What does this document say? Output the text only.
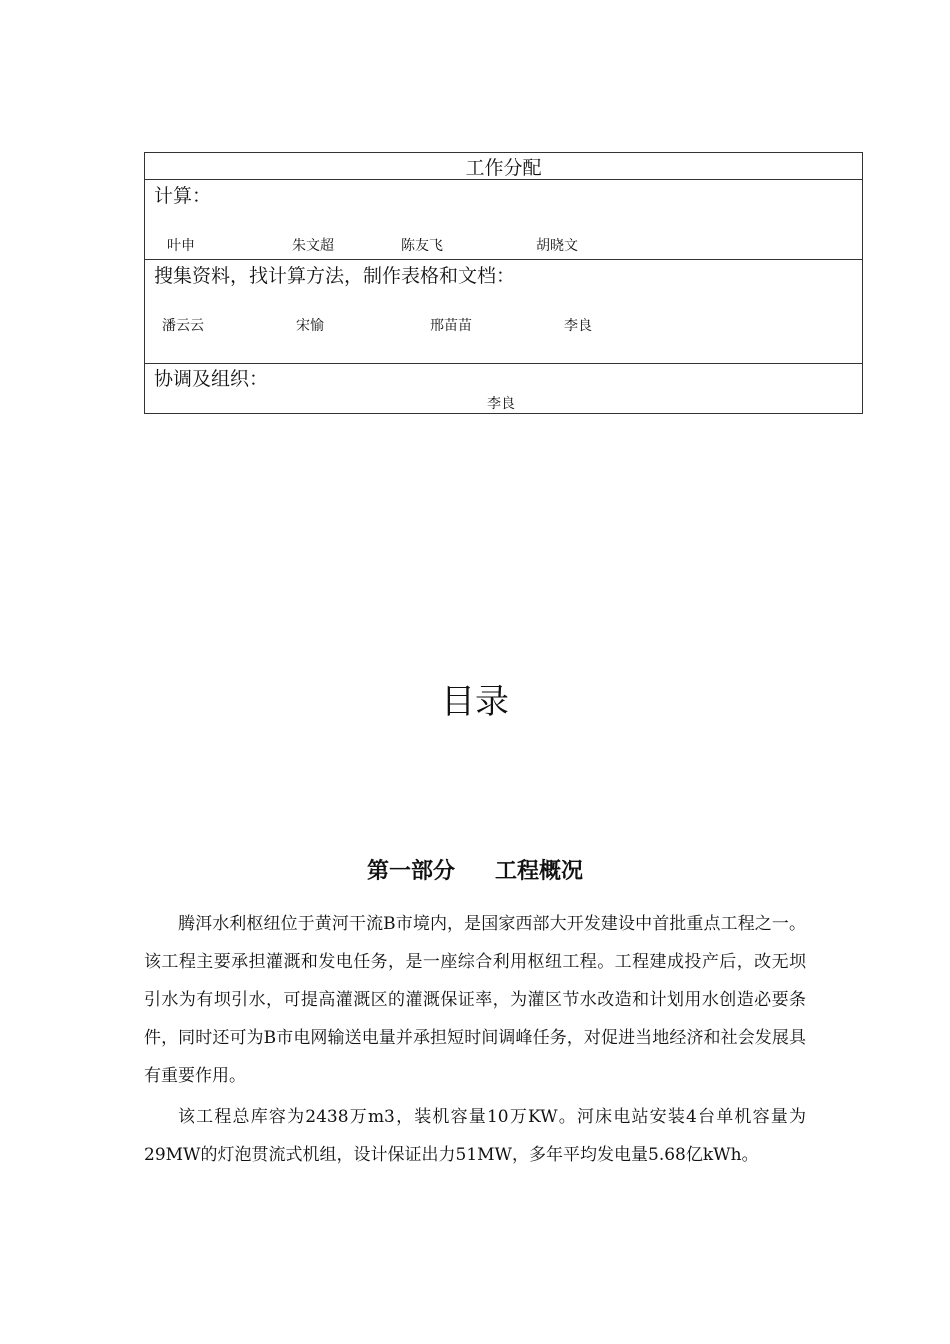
工作分配
计算：
叶申	朱文超	陈友飞	胡晓文
搜集资料，找计算方法，制作表格和文档：
潘云云	宋愉	邢苗苗	李良
协调及组织：
李良
目录
第一部分 工程概况

腾洱水利枢纽位于黄河干流B市境内，是国家西部大开发建设中首批重点工程之一。该工程主要承担灌溉和发电任务，是一座综合利用枢纽工程。工程建成投产后，改无坝引水为有坝引水，可提高灌溉区的灌溉保证率，为灌区节水改造和计划用水创造必要条件，同时还可为B市电网输送电量并承担短时间调峰任务，对促进当地经济和社会发展具有重要作用。

该工程总库容为2438万m3，装机容量10万KW。河床电站安装4台单机容量为29MW的灯泡贯流式机组，设计保证出力51MW，多年平均发电量5.68亿kWh。
